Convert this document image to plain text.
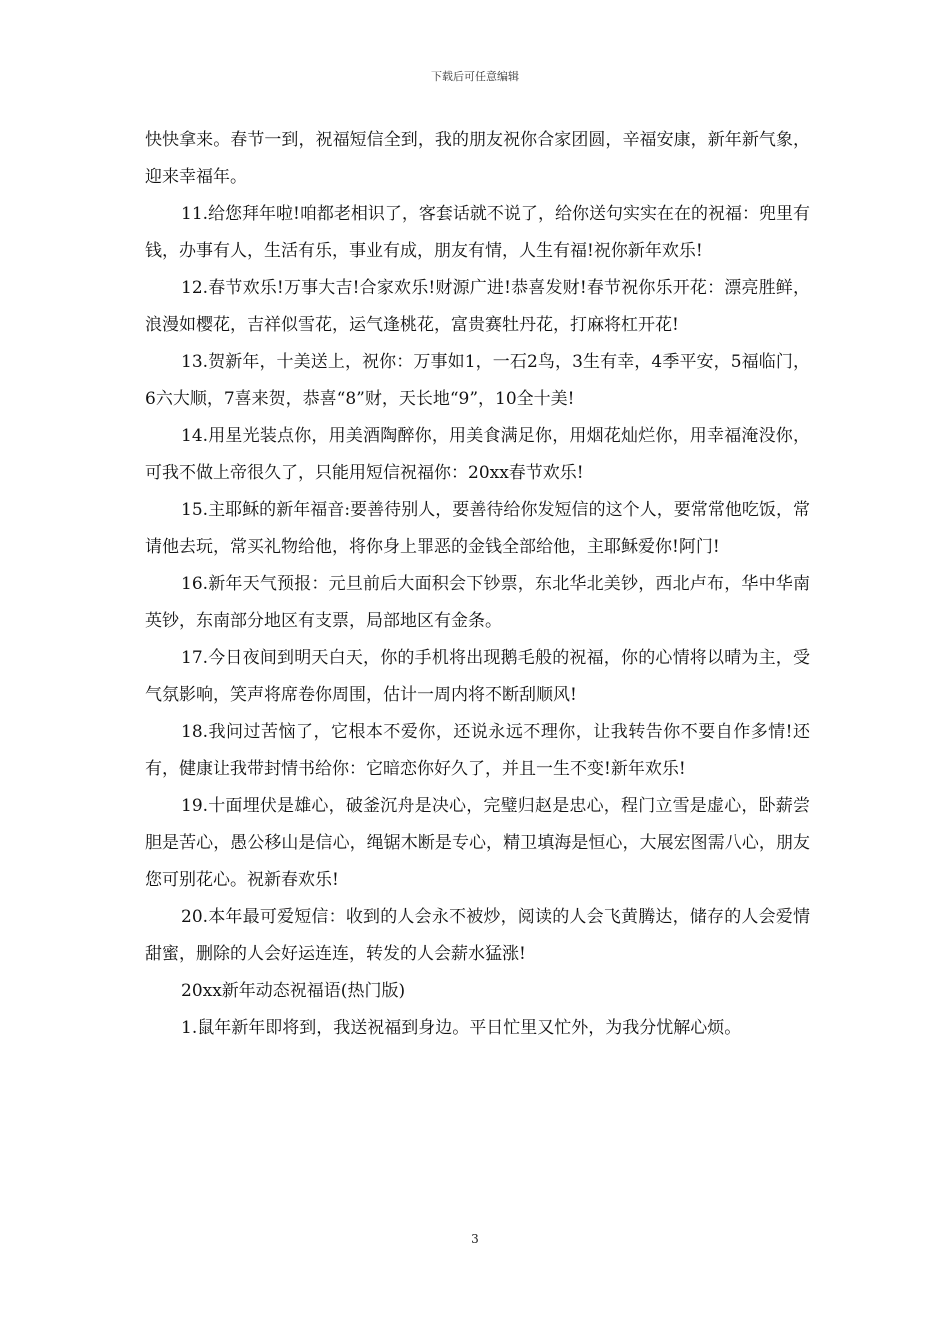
下载后可任意编辑

快快拿来。春节一到，祝福短信全到，我的朋友祝你合家团圆，辛福安康，新年新气象，迎来幸福年。

11.给您拜年啦!咱都老相识了，客套话就不说了，给你送句实实在在的祝福：兜里有钱，办事有人，生活有乐，事业有成，朋友有情，人生有福!祝你新年欢乐!

12.春节欢乐!万事大吉!合家欢乐!财源广进!恭喜发财!春节祝你乐开花：漂亮胜鲜，浪漫如樱花，吉祥似雪花，运气逢桃花，富贵赛牡丹花，打麻将杠开花!

13.贺新年，十美送上，祝你：万事如1，一石2鸟，3生有幸，4季平安，5福临门，6六大顺，7喜来贺，恭喜“8”财，天长地“9”，10全十美!

14.用星光装点你，用美酒陶醉你，用美食满足你，用烟花灿烂你，用幸福淹没你，可我不做上帝很久了，只能用短信祝福你：20xx春节欢乐!

15.主耶稣的新年福音:要善待别人，要善待给你发短信的这个人，要常常他吃饭，常请他去玩，常买礼物给他，将你身上罪恶的金钱全部给他，主耶稣爱你!阿门!

16.新年天气预报：元旦前后大面积会下钞票，东北华北美钞，西北卢布，华中华南英钞，东南部分地区有支票，局部地区有金条。

17.今日夜间到明天白天，你的手机将出现鹅毛般的祝福，你的心情将以晴为主，受气氛影响，笑声将席卷你周围，估计一周内将不断刮顺风!

18.我问过苦恼了，它根本不爱你，还说永远不理你，让我转告你不要自作多情!还有，健康让我带封情书给你：它暗恋你好久了，并且一生不变!新年欢乐!

19.十面埋伏是雄心，破釜沉舟是决心，完璧归赵是忠心，程门立雪是虚心，卧薪尝胆是苦心，愚公移山是信心，绳锯木断是专心，精卫填海是恒心，大展宏图需八心，朋友您可别花心。祝新春欢乐!

20.本年最可爱短信：收到的人会永不被炒，阅读的人会飞黄腾达，储存的人会爱情甜蜜，删除的人会好运连连，转发的人会薪水猛涨!

20xx新年动态祝福语(热门版)

1.鼠年新年即将到，我送祝福到身边。平日忙里又忙外，为我分忧解心烦。

3
